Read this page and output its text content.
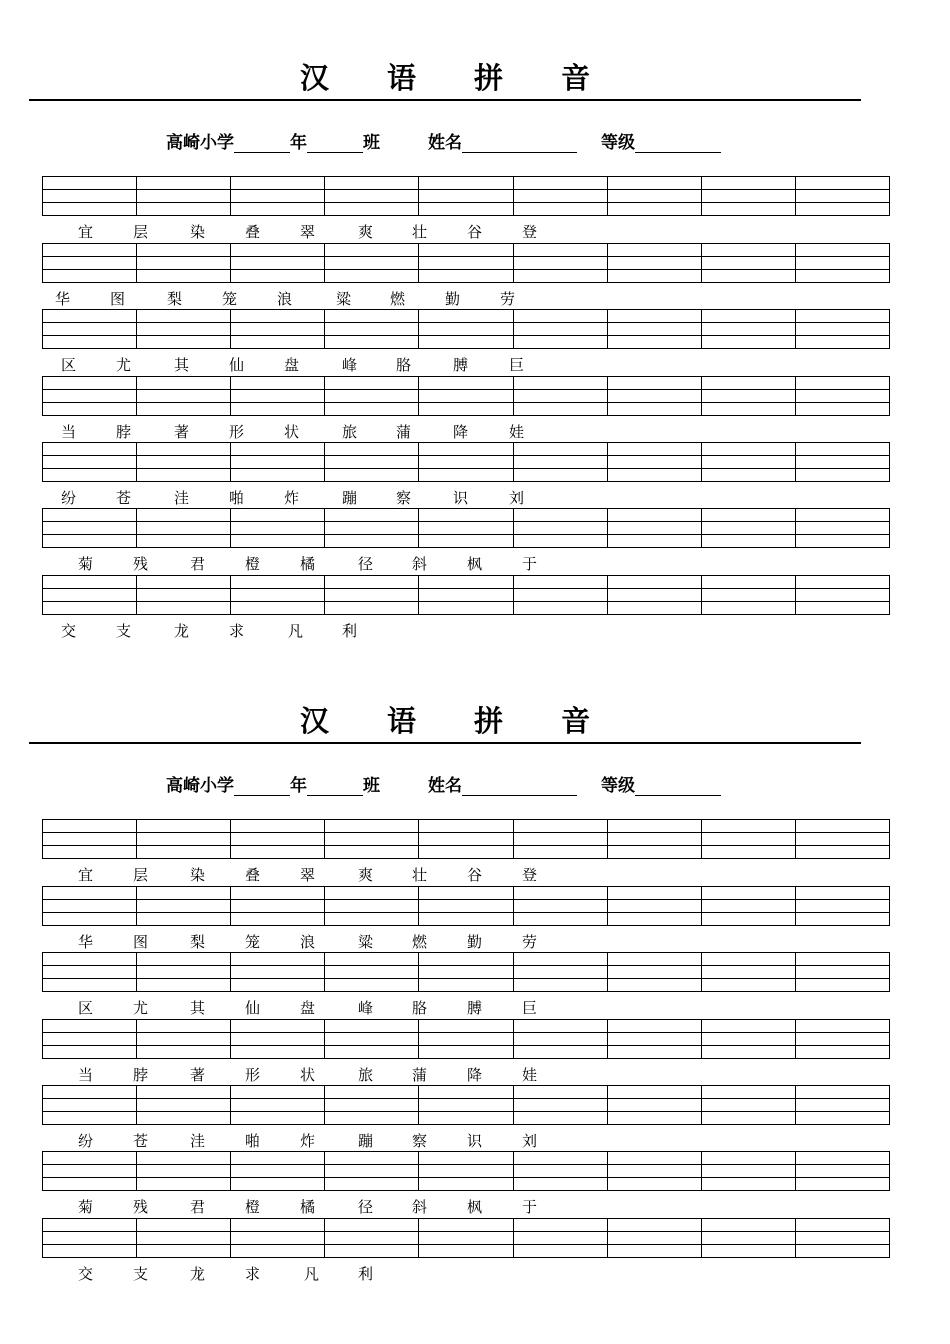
汉 语 拼 音
高崎小学	年	班	姓名	等级
宜	层	染	叠	翠	爽	壮	谷	登
华	图	梨	笼	浪	粱	燃	勤	劳
区	尤	其	仙	盘	峰	胳	膊	巨
当	脖	著	形	状	旅	蒲	降	娃
纷	苍	洼	啪	炸	蹦	察	识	刘
菊	残	君	橙	橘	径	斜	枫	于
交	支	龙	求	凡	利
汉 语 拼 音
高崎小学	年	班	姓名	等级
宜	层	染	叠	翠	爽	壮	谷	登
华	图	梨	笼	浪	粱	燃	勤	劳
区	尤	其	仙	盘	峰	胳	膊	巨
当	脖	著	形	状	旅	蒲	降	娃
纷	苍	洼	啪	炸	蹦	察	识	刘
菊	残	君	橙	橘	径	斜	枫	于
交	支	龙	求	凡	利
